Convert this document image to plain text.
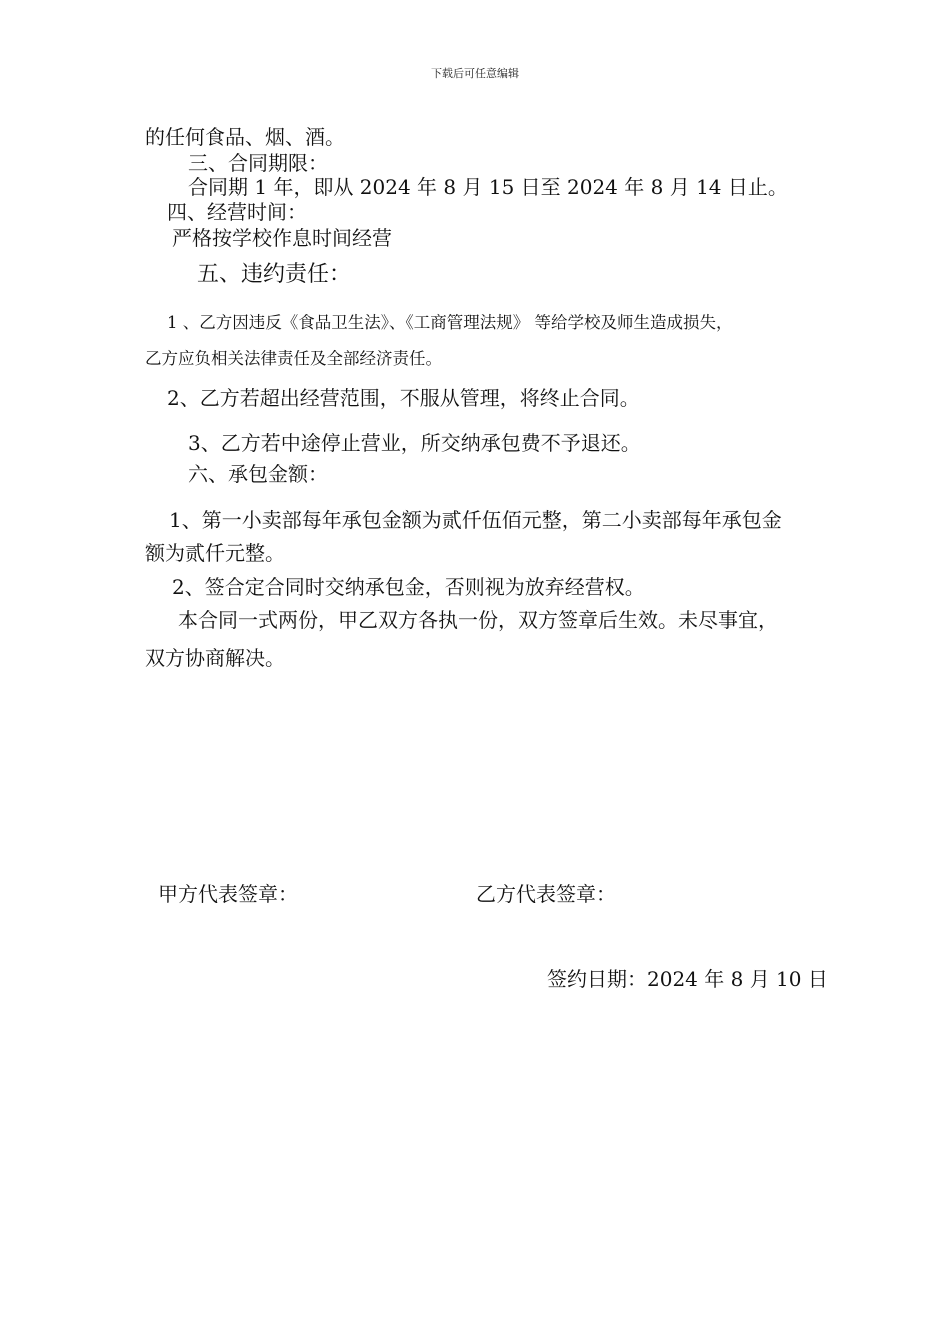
下载后可任意编辑
的任何食品、烟、酒。
三、合同期限：
合同期 1 年，即从 2024 年 8 月 15 日至 2024 年 8 月 14 日止。
四、经营时间：
严格按学校作息时间经营
五、违约责任：
1 、乙方因违反《食品卫生法》、《工商管理法规》 等给学校及师生造成损失，
乙方应负相关法律责任及全部经济责任。
2、乙方若超出经营范围，不服从管理，将终止合同。
3、乙方若中途停止营业，所交纳承包费不予退还。
六、承包金额：
1、第一小卖部每年承包金额为贰仟伍佰元整，第二小卖部每年承包金
额为贰仟元整。
2、签合定合同时交纳承包金，否则视为放弃经营权。
本合同一式两份，甲乙双方各执一份，双方签章后生效。未尽事宜，
双方协商解决。
甲方代表签章：	乙方代表签章：
签约日期：2024 年 8 月 10 日
